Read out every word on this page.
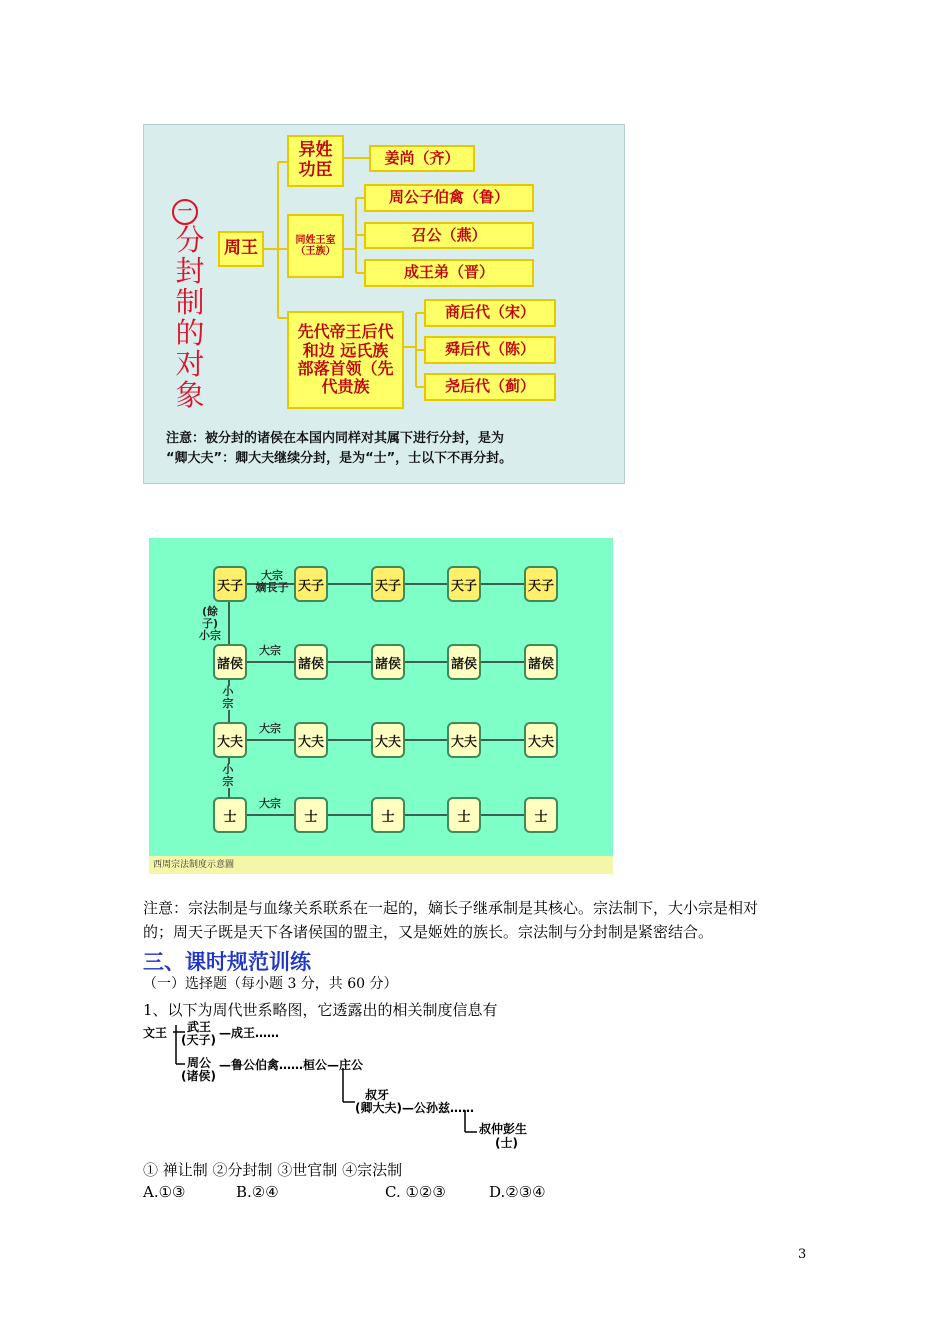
一
分
封
制
的
对
象
周王
异姓功臣
姜尚（齐）
同姓王室（王族）
周公子伯禽（鲁）
召公（燕）
成王弟（晋）
先代帝王后代和边 远氏族部落首领（先代贵族
商后代（宋）
舜后代（陈）
尧后代（蓟）
注意：被分封的诸侯在本国内同样对其属下进行分封，是为
“卿大夫”：卿大夫继续分封，是为“士”，士以下不再分封。
天子	天子	天子	天子	天子
大宗
嫡長子
諸侯	諸侯	諸侯	諸侯	諸侯
大宗
大夫	大夫	大夫	大夫	大夫
大宗
士	士	士	士	士
大宗
(餘子)小宗
小宗
小宗
西周宗法制度示意圖
注意：宗法制是与血缘关系联系在一起的，嫡长子继承制是其核心。宗法制下，大小宗是相对
的；周天子既是天下各诸侯国的盟主，又是姬姓的族长。宗法制与分封制是紧密结合。
三、课时规范训练
（一）选择题（每小题 3 分，共 60 分）
1、以下为周代世系略图，它透露出的相关制度信息有
文王 武王
(天子) —成王……
周公
(诸侯)
—鲁公伯禽……桓公—庄公
叔牙
(卿大夫)—公孙兹……
叔仲彭生
(士)
① 禅让制 ②分封制 ③世官制 ④宗法制
A.①③	B.②④	C. ①②③	D.②③④
3
